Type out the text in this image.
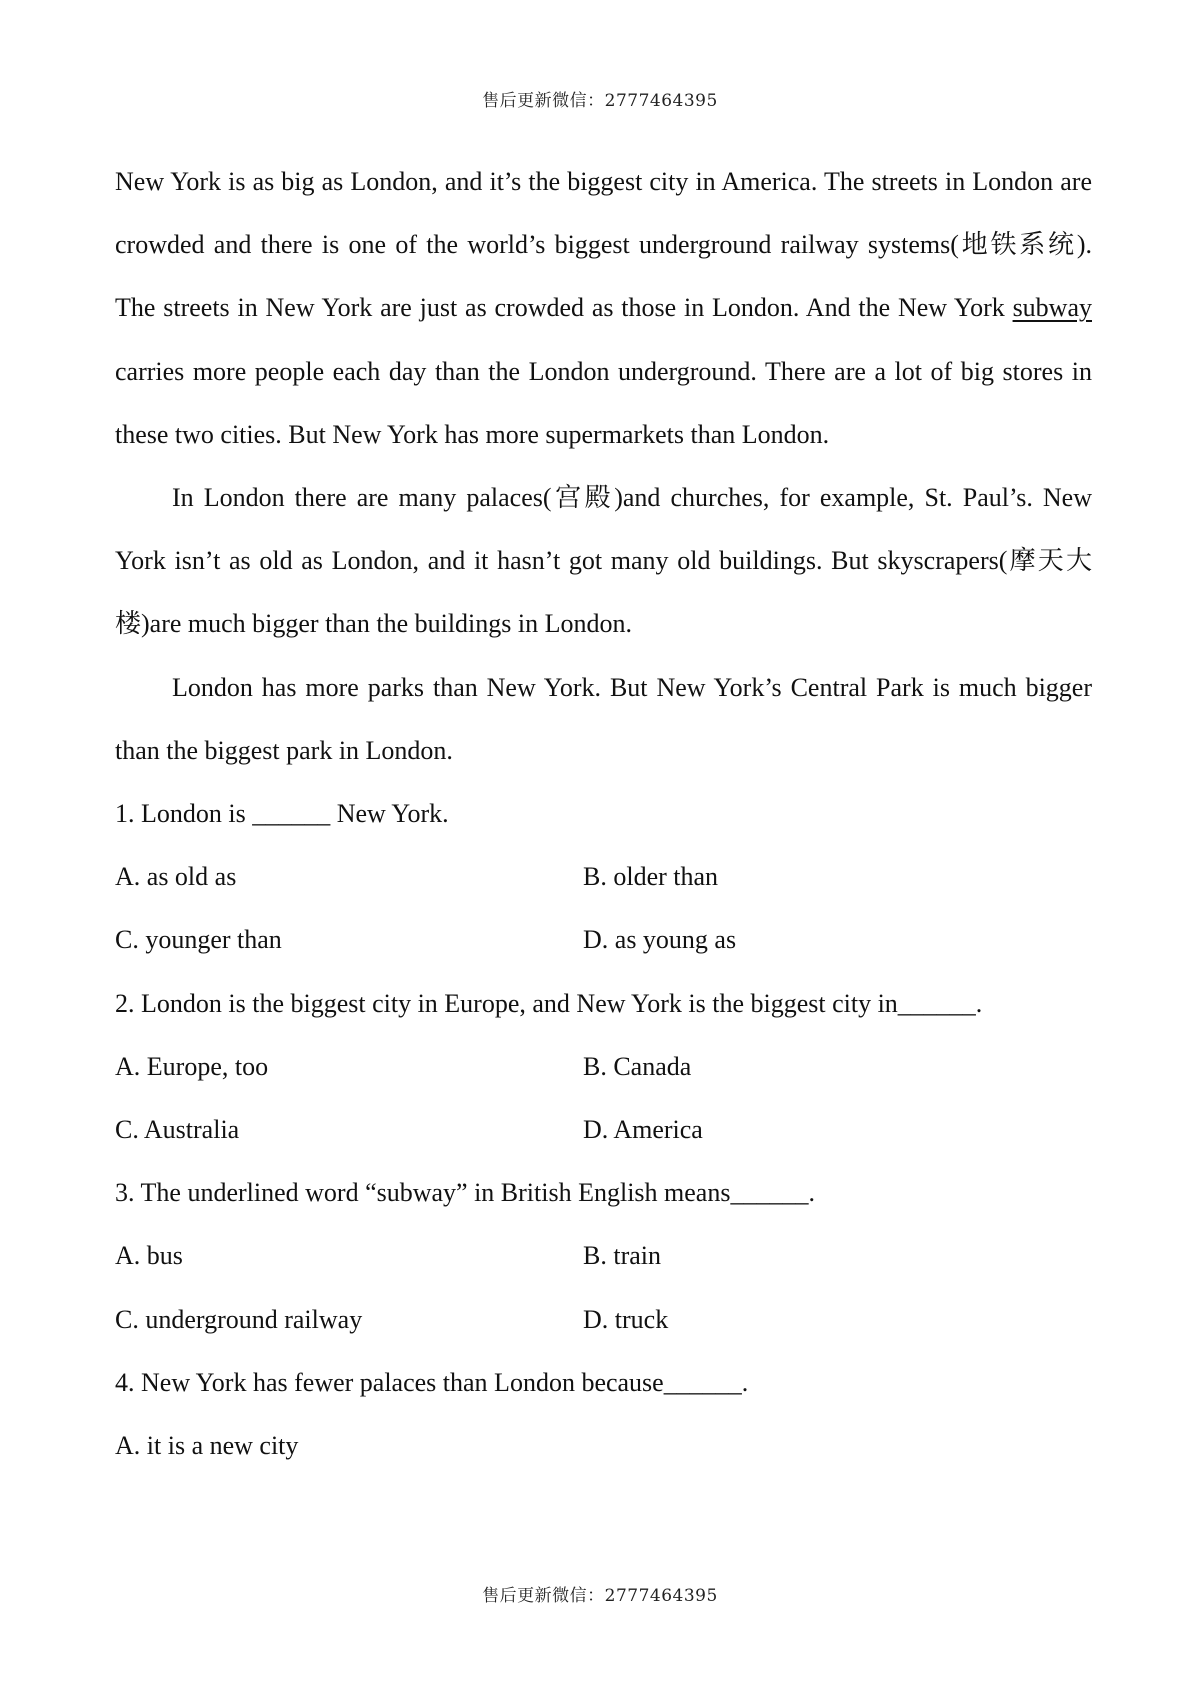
售后更新微信：2777464395

New York is as big as London, and it’s the biggest city in America. The streets in London are crowded and there is one of the world’s biggest underground railway systems(地铁系统). The streets in New York are just as crowded as those in London. And the New York subway carries more people each day than the London underground. There are a lot of big stores in these two cities. But New York has more supermarkets than London.

In London there are many palaces(宫殿)and churches, for example, St. Paul’s. New York isn’t as old as London, and it hasn’t got many old buildings. But skyscrapers(摩天大楼)are much bigger than the buildings in London.

London has more parks than New York. But New York’s Central Park is much bigger than the biggest park in London.

1. London is ______ New York.

A. as old as	B. older than
C. younger than	D. as young as

2. London is the biggest city in Europe, and New York is the biggest city in______.

A. Europe, too	B. Canada
C. Australia	D. America

3. The underlined word “subway” in British English means______.

A. bus	B. train
C. underground railway	D. truck

4. New York has fewer palaces than London because______.

A. it is a new city

售后更新微信：2777464395
